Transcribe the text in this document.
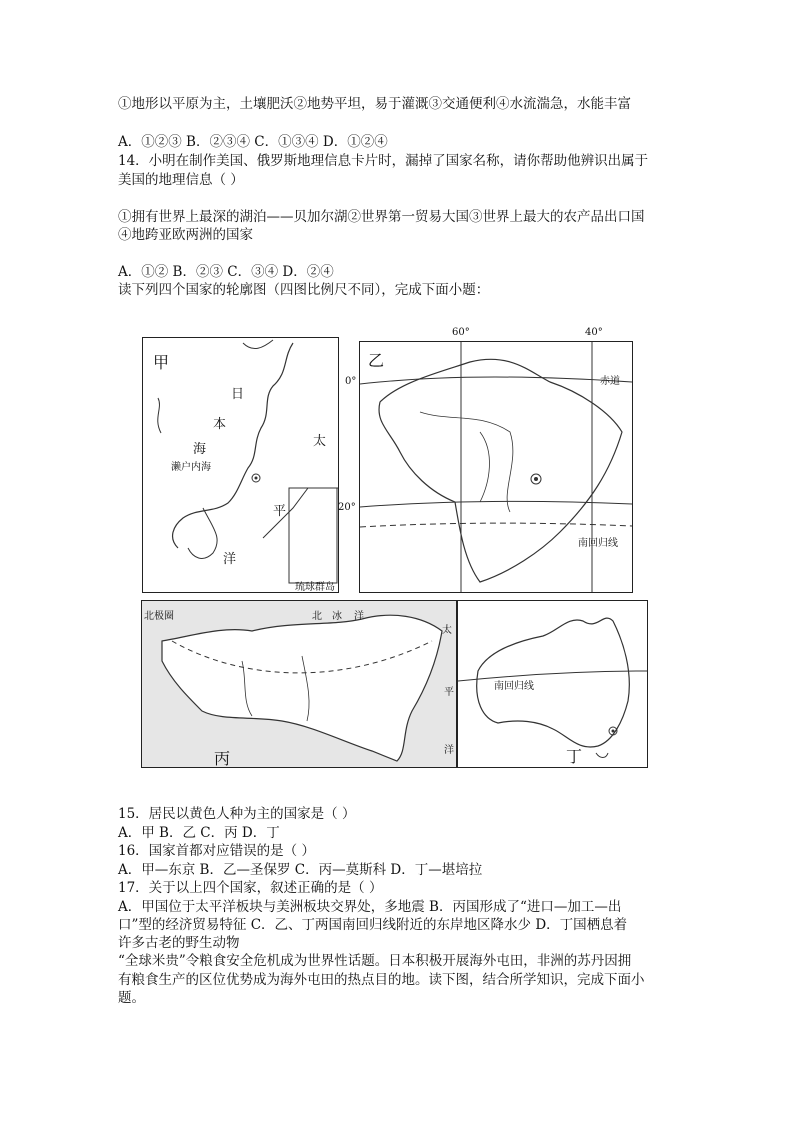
①地形以平原为主，土壤肥沃②地势平坦，易于灌溉③交通便利④水流湍急，水能丰富
A．①②③ B．②③④ C．①③④ D．①②④
14．小明在制作美国、俄罗斯地理信息卡片时，漏掉了国家名称，请你帮助他辨识出属于
美国的地理信息（ ）
①拥有世界上最深的湖泊——贝加尔湖②世界第一贸易大国③世界上最大的农产品出口国
④地跨亚欧两洲的国家
A．①② B．②③ C．③④ D．②④
读下列四个国家的轮廓图（四图比例尺不同），完成下面小题：
甲
日
本
海
太
平
洋
濑户内海
琉球群岛
60°	40°
0°
20°
乙
赤道
南回归线
丙
北 冰 洋
北极圈
太
平
洋
南回归线
丁
15．居民以黄色人种为主的国家是（ ）
A．甲 B．乙 C．丙 D．丁
16．国家首都对应错误的是（ ）
A．甲—东京 B．乙—圣保罗 C．丙—莫斯科 D．丁—堪培拉
17．关于以上四个国家，叙述正确的是（ ）
A．甲国位于太平洋板块与美洲板块交界处，多地震 B．丙国形成了“进口—加工—出
口”型的经济贸易特征 C．乙、丁两国南回归线附近的东岸地区降水少 D．丁国栖息着
许多古老的野生动物
“全球米贵”令粮食安全危机成为世界性话题。日本积极开展海外屯田，非洲的苏丹因拥
有粮食生产的区位优势成为海外屯田的热点目的地。读下图，结合所学知识，完成下面小
题。
